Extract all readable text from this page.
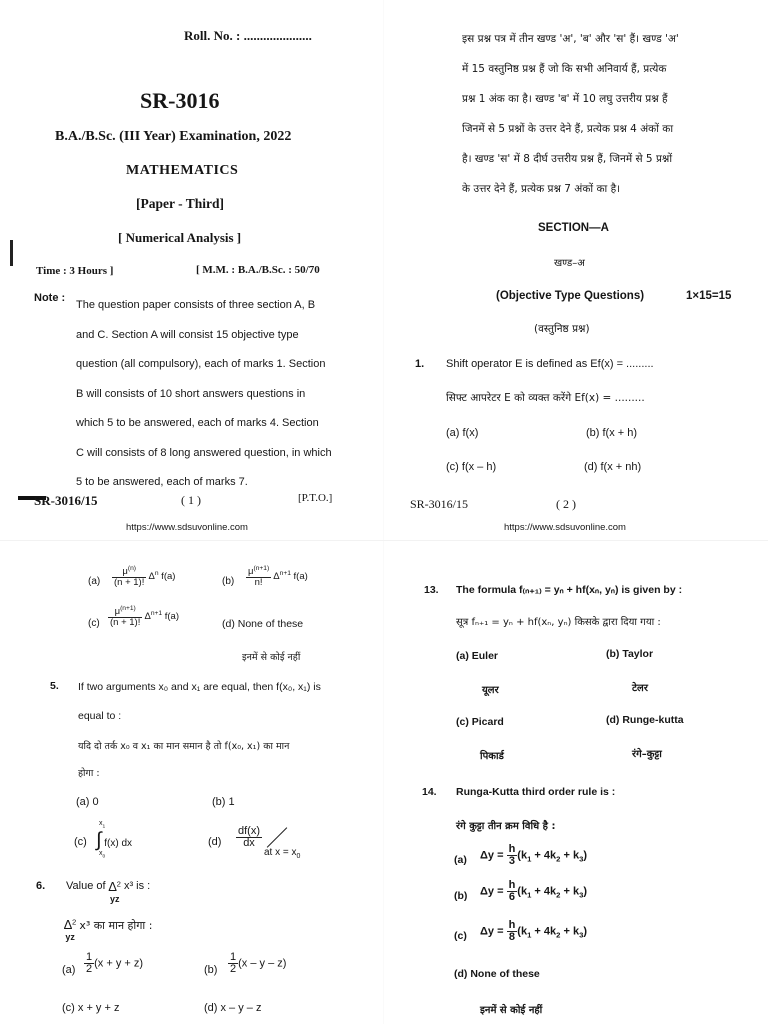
Roll. No. : .....................
SR-3016
B.A./B.Sc. (III Year) Examination, 2022
MATHEMATICS
[Paper - Third]
[ Numerical Analysis ]
Time : 3 Hours ]	[ M.M. : B.A./B.Sc. : 50/70
Note :
The question paper consists of three section A, B
and C. Section A will consist 15 objective type
question (all compulsory), each of marks 1. Section
B will consists of 10 short answers questions in
which 5 to be answered, each of marks 4. Section
C will consists of 8 long answered question, in which
5 to be answered, each of marks 7.
SR-3016/15	( 1 )	[P.T.O.]
https://www.sdsuvonline.com
इस प्रश्न पत्र में तीन खण्ड 'अ', 'ब' और 'स' हैं। खण्ड 'अ'
में 15 वस्तुनिष्ठ प्रश्न हैं जो कि सभी अनिवार्य हैं, प्रत्येक
प्रश्न 1 अंक का है। खण्ड 'ब' में 10 लघु उत्तरीय प्रश्न हैं
जिनमें से 5 प्रश्नों के उत्तर देने हैं, प्रत्येक प्रश्न 4 अंकों का
है। खण्ड 'स' में 8 दीर्घ उत्तरीय प्रश्न हैं, जिनमें से 5 प्रश्नों
के उत्तर देने हैं, प्रत्येक प्रश्न 7 अंकों का है।
SECTION—A
खण्ड–अ
(Objective Type Questions)	1×15=15
(वस्तुनिष्ठ प्रश्न)
1. Shift operator E is defined as Ef(x) = .........
सिफ्ट आपरेटर E को व्यक्त करेंगे Ef(x) = .........
(a) f(x)	(b) f(x + h)
(c) f(x – h)	(d) f(x + nh)
SR-3016/15	( 2 )
https://www.sdsuvonline.com
$(a) \frac{\mu^{(n)}}{(n + 1)!} \Delta^n$ f(a)	$(b) \frac{\mu^{(n+1)}}{n!} \Delta^{n+1}$ f(a)
$(c) \frac{\mu^{(n+1)}}{(n + 1)!} \Delta^{n+1}$ f(a)
(d) None of these
इनमें से कोई नहीं
5. If two arguments x₀ and x₁ are equal, then f(x₀, x₁) is
equal to :
यदि दो तर्क x₀ व x₁ का मान समान है तो f(x₀, x₁) का मान
होगा :
(a) 0	(b) 1
(c)
$x_1$
∫ f(x) dx
$x_0$
$(d) \frac{df(x)}{dx}$

at $x = x_0$
6. Value of ∆$^2$
yz x³ is :
∆$^2$
yz x³ का मान होगा :
$(a) \frac{1}{2} (x + y + z)$
$(b) \frac{1}{2} (x$ – y – z)
(c) x + y + z	(d) x – y – z
13. The formula f₍ₙ₊₁₎ = yₙ + hf(xₙ, yₙ) is given by :
सूत्र fₙ₊₁ = yₙ + hf(xₙ, yₙ) किसके द्वारा दिया गया :
(a) Euler	(b) Taylor
यूलर	टेलर
(c) Picard	(d) Runge-kutta
पिकार्ड	रंगे–कुट्टा
14. Runga-Kutta third order rule is :
रंगे कुट्टा तीन क्रम विधि है :
(a) $\Delta y = \frac{h}{3} (k_1 + 4k_2 + k_3)$
(b) $\Delta y = \frac{h}{6} (k_1 + 4k_2 + k_3)$
(c) $\Delta y = \frac{h}{8} (k_1 + 4k_2 + k_3)$
(d) None of these
इनमें से कोई नहीं
